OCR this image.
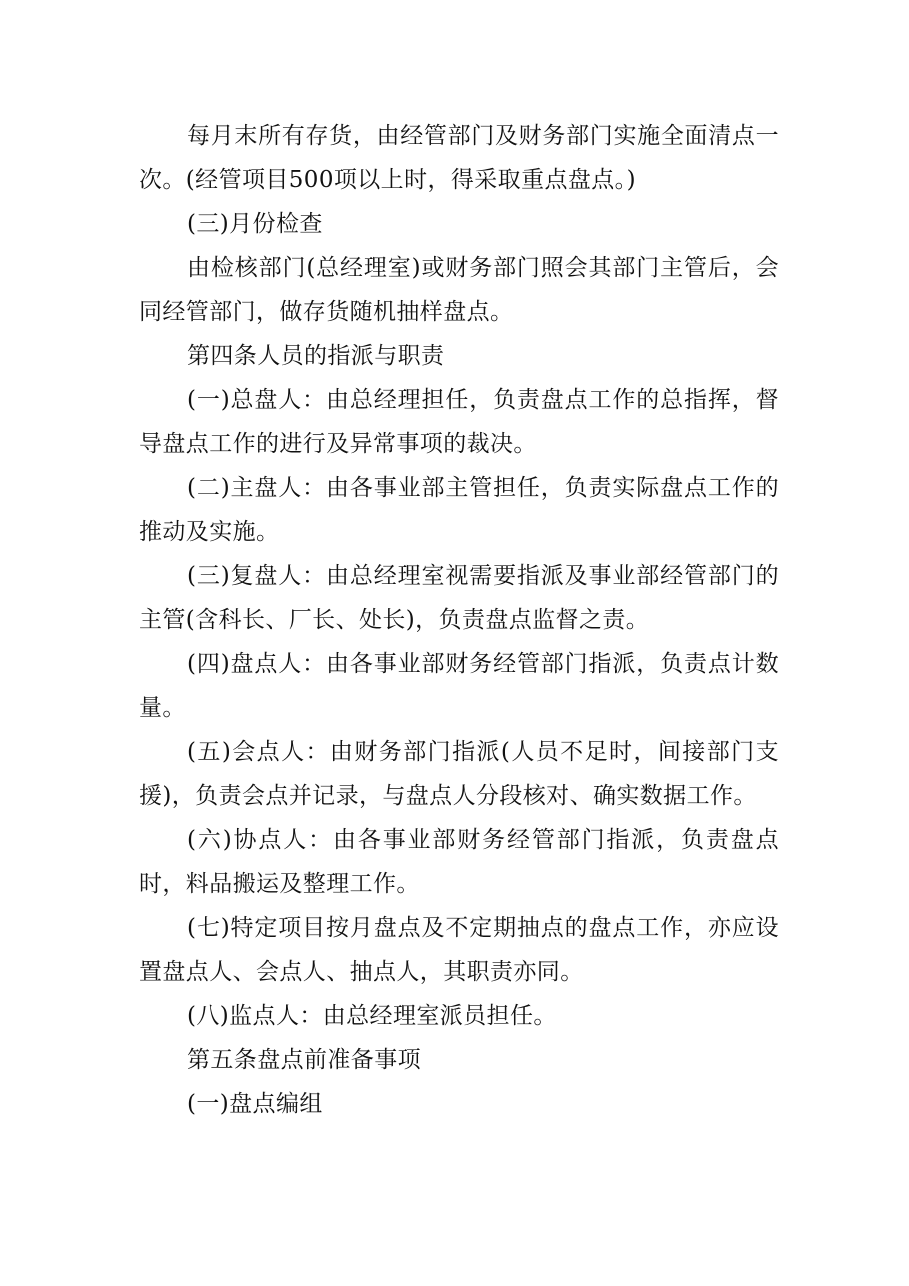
每月末所有存货，由经管部门及财务部门实施全面清点一次。(经管项目500项以上时，得采取重点盘点。)

(三)月份检查

由检核部门(总经理室)或财务部门照会其部门主管后，会同经管部门，做存货随机抽样盘点。

第四条人员的指派与职责

(一)总盘人：由总经理担任，负责盘点工作的总指挥，督导盘点工作的进行及异常事项的裁决。

(二)主盘人：由各事业部主管担任，负责实际盘点工作的推动及实施。

(三)复盘人：由总经理室视需要指派及事业部经管部门的主管(含科长、厂长、处长)，负责盘点监督之责。

(四)盘点人：由各事业部财务经管部门指派，负责点计数量。

(五)会点人：由财务部门指派(人员不足时，间接部门支援)，负责会点并记录，与盘点人分段核对、确实数据工作。

(六)协点人：由各事业部财务经管部门指派，负责盘点时，料品搬运及整理工作。

(七)特定项目按月盘点及不定期抽点的盘点工作，亦应设置盘点人、会点人、抽点人，其职责亦同。

(八)监点人：由总经理室派员担任。

第五条盘点前准备事项

(一)盘点编组
